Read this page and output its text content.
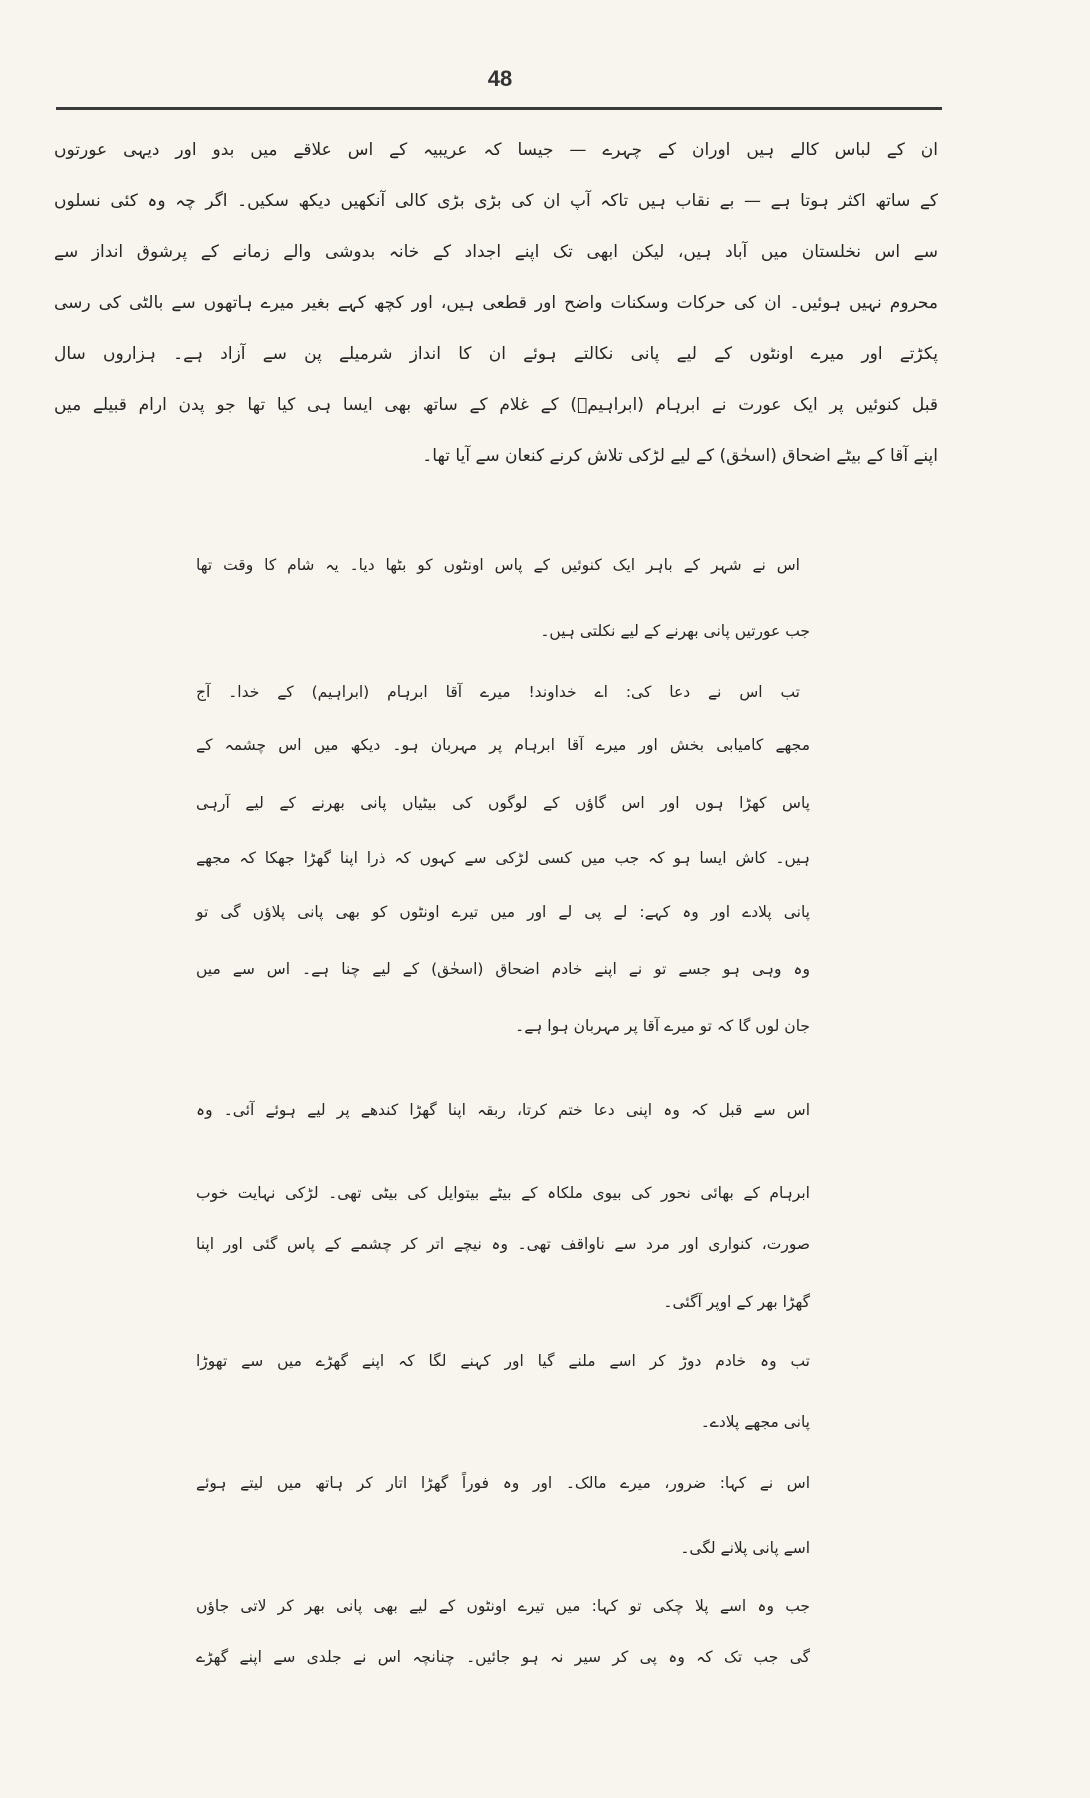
48
ان کے لباس کالے ہیں اوران کے چہرے — جیسا کہ عریبیہ کے اس علاقے میں بدو اور دیہی عورتوں
کے ساتھ اکثر ہوتا ہے — بے نقاب ہیں تاکہ آپ ان کی بڑی بڑی کالی آنکھیں دیکھ سکیں۔ اگر چہ وہ کئی نسلوں
سے اس نخلستان میں آباد ہیں، لیکن ابھی تک اپنے اجداد کے خانہ بدوشی والے زمانے کے پرشوق انداز سے
محروم نہیں ہوئیں۔ ان کی حرکات وسکنات واضح اور قطعی ہیں، اور کچھ کہے بغیر میرے ہاتھوں سے بالٹی کی رسی
پکڑتے اور میرے اونٹوں کے لیے پانی نکالتے ہوئے ان کا انداز شرمیلے پن سے آزاد ہے۔ ہزاروں سال
قبل کنوئیں پر ایک عورت نے ابرہام (ابراہیمؑ) کے غلام کے ساتھ بھی ایسا ہی کیا تھا جو پدن ارام قبیلے میں
اپنے آقا کے بیٹے اضحاق (اسحٰق) کے لیے لڑکی تلاش کرنے کنعان سے آیا تھا۔
اس نے شہر کے باہر ایک کنوئیں کے پاس اونٹوں کو بٹھا دیا۔ یہ شام کا وقت تھا
جب عورتیں پانی بھرنے کے لیے نکلتی ہیں۔
تب اس نے دعا کی: اے خداوند! میرے آقا ابرہام (ابراہیم) کے خدا۔ آج
مجھے کامیابی بخش اور میرے آقا ابرہام پر مہربان ہو۔ دیکھ میں اس چشمہ کے
پاس کھڑا ہوں اور اس گاؤں کے لوگوں کی بیٹیاں پانی بھرنے کے لیے آرہی
ہیں۔ کاش ایسا ہو کہ جب میں کسی لڑکی سے کہوں کہ ذرا اپنا گھڑا جھکا کہ مجھے
پانی پلادے اور وہ کہے: لے پی لے اور میں تیرے اونٹوں کو بھی پانی پلاؤں گی تو
وہ وہی ہو جسے تو نے اپنے خادم اضحاق (اسحٰق) کے لیے چنا ہے۔ اس سے میں
جان لوں گا کہ تو میرے آقا پر مہربان ہوا ہے۔
اس سے قبل کہ وہ اپنی دعا ختم کرتا، ربقہ اپنا گھڑا کندھے پر لیے ہوئے آئی۔ وہ
ابرہام کے بھائی نحور کی بیوی ملکاہ کے بیٹے بیتوایل کی بیٹی تھی۔ لڑکی نہایت خوب
صورت، کنواری اور مرد سے ناواقف تھی۔ وہ نیچے اتر کر چشمے کے پاس گئی اور اپنا
گھڑا بھر کے اوپر آگئی۔
تب وہ خادم دوڑ کر اسے ملنے گیا اور کہنے لگا کہ اپنے گھڑے میں سے تھوڑا
پانی مجھے پلادے۔
اس نے کہا: ضرور، میرے مالک۔ اور وہ فوراً گھڑا اتار کر ہاتھ میں لیتے ہوئے
اسے پانی پلانے لگی۔
جب وہ اسے پلا چکی تو کہا: میں تیرے اونٹوں کے لیے بھی پانی بھر کر لاتی جاؤں
گی جب تک کہ وہ پی کر سیر نہ ہو جائیں۔ چنانچہ اس نے جلدی سے اپنے گھڑے
